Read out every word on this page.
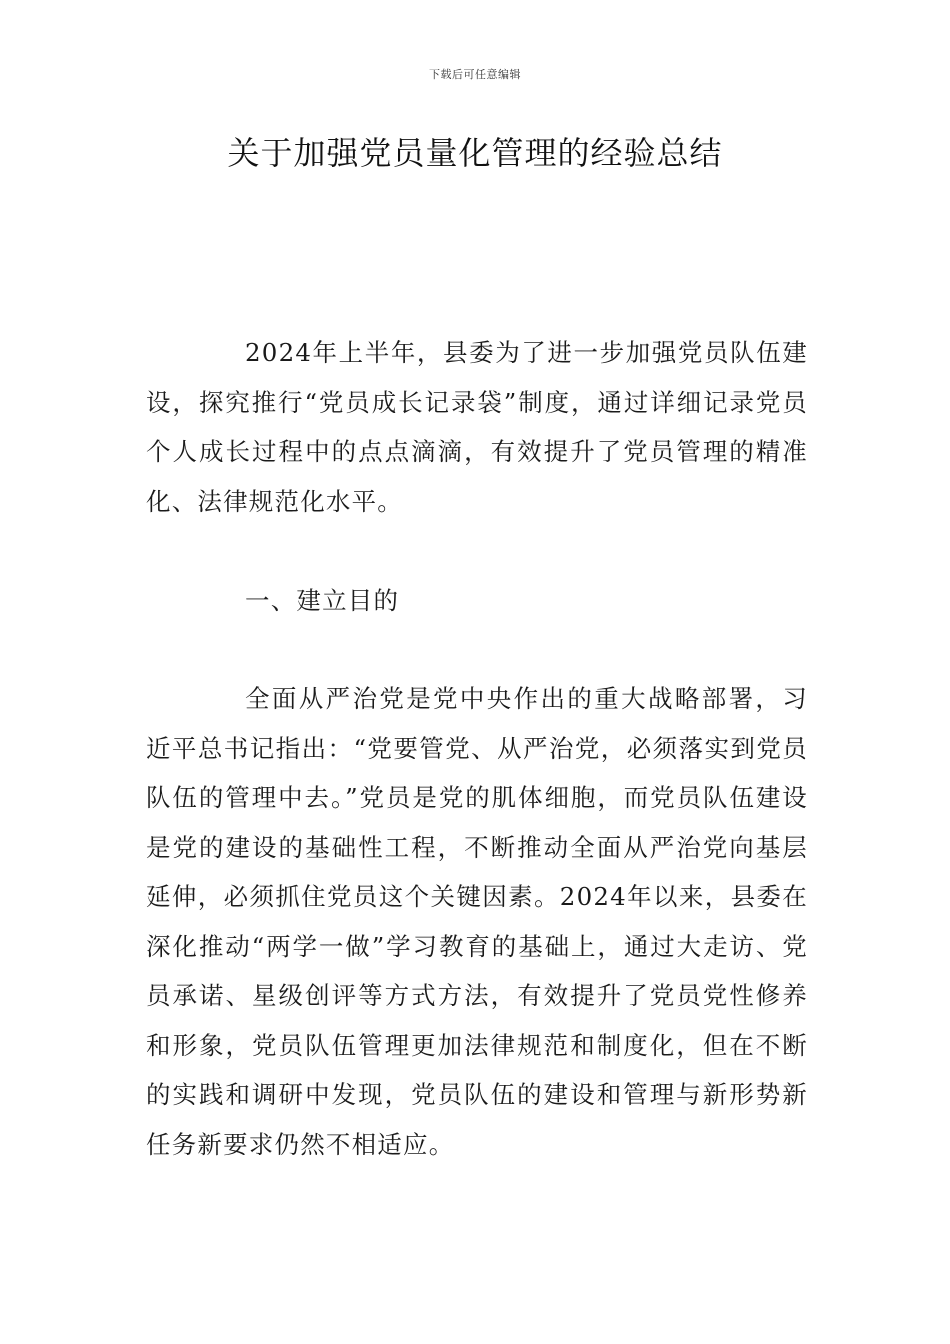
下载后可任意编辑
关于加强党员量化管理的经验总结

2024年上半年，县委为了进一步加强党员队伍建设，探究推行“党员成长记录袋”制度，通过详细记录党员个人成长过程中的点点滴滴，有效提升了党员管理的精准化、法律规范化水平。

一、建立目的

全面从严治党是党中央作出的重大战略部署，习近平总书记指出：“党要管党、从严治党，必须落实到党员队伍的管理中去。”党员是党的肌体细胞，而党员队伍建设是党的建设的基础性工程，不断推动全面从严治党向基层延伸，必须抓住党员这个关键因素。2024年以来，县委在深化推动“两学一做”学习教育的基础上，通过大走访、党员承诺、星级创评等方式方法，有效提升了党员党性修养和形象，党员队伍管理更加法律规范和制度化，但在不断的实践和调研中发现，党员队伍的建设和管理与新形势新任务新要求仍然不相适应。
